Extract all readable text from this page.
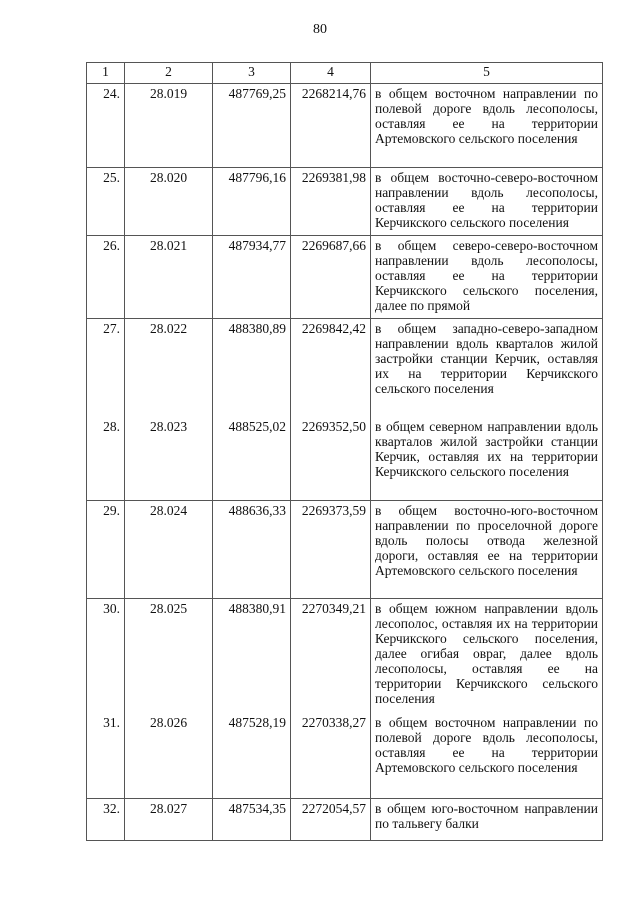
80
1	2	3	4	5
24.	28.019	487769,25	2268214,76	в общем восточном направлении по полевой дороге вдоль лесополосы, оставляя ее на территории Артемовского сельского поселения
25.	28.020	487796,16	2269381,98	в общем восточно-северо-восточном направлении вдоль лесополосы, оставляя ее на территории Керчикского сельского поселения
26.	28.021	487934,77	2269687,66	в общем северо-северо-восточном направлении вдоль лесополосы, оставляя ее на территории Керчикского сельского поселения, далее по прямой
27.	28.022	488380,89	2269842,42	в общем западно-северо-западном направлении вдоль кварталов жилой застройки станции Керчик, оставляя их на территории Керчикского сельского поселения
28.	28.023	488525,02	2269352,50	в общем северном направлении вдоль кварталов жилой застройки станции Керчик, оставляя их на территории Керчикского сельского поселения
29.	28.024	488636,33	2269373,59	в общем восточно-юго-восточном направлении по проселочной дороге вдоль полосы отвода железной дороги, оставляя ее на территории Артемовского сельского поселения
30.	28.025	488380,91	2270349,21	в общем южном направлении вдоль лесополос, оставляя их на территории Керчикского сельского поселения, далее огибая овраг, далее вдоль лесополосы, оставляя ее на территории Керчикского сельского поселения
31.	28.026	487528,19	2270338,27	в общем восточном направлении по полевой дороге вдоль лесополосы, оставляя ее на территории Артемовского сельского поселения
32.	28.027	487534,35	2272054,57	в общем юго-восточном направлении по тальвегу балки
